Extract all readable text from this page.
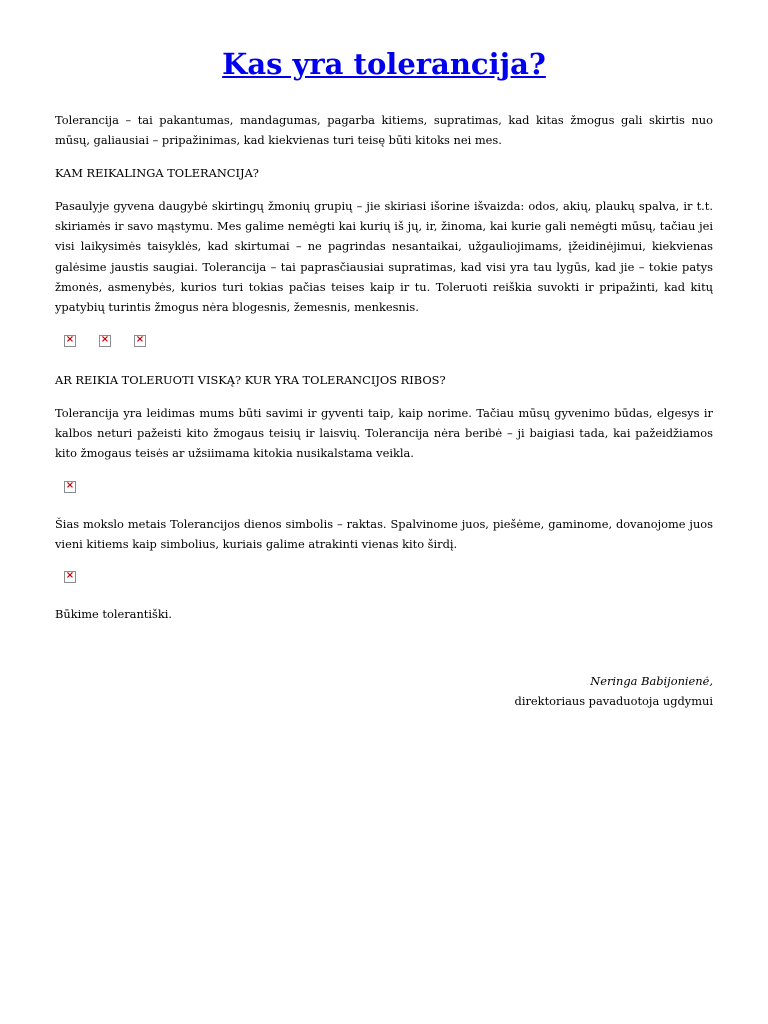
Kas yra tolerancija?

Tolerancija – tai pakantumas, mandagumas, pagarba kitiems, supratimas, kad kitas žmogus gali skirtis nuo mūsų, galiausiai – pripažinimas, kad kiekvienas turi teisę būti kitoks nei mes.

KAM REIKALINGA TOLERANCIJA?

Pasaulyje gyvena daugybė skirtingų žmonių grupių – jie skiriasi išorine išvaizda: odos, akių, plaukų spalva, ir t.t. skiriamės ir savo mąstymu. Mes galime nemėgti kai kurių iš jų, ir, žinoma, kai kurie gali nemėgti mūsų, tačiau jei visi laikysimės taisyklės, kad skirtumai – ne pagrindas nesantaikai, užgauliojimams, įžeidinėjimui, kiekvienas galėsime jaustis saugiai. Tolerancija – tai paprasčiausiai supratimas, kad visi yra tau lygūs, kad jie – tokie patys žmonės, asmenybės, kurios turi tokias pačias teises kaip ir tu. Toleruoti reiškia suvokti ir pripažinti, kad kitų ypatybių turintis žmogus nėra blogesnis, žemesnis, menkesnis.

×	×	×

AR REIKIA TOLERUOTI VISKĄ? KUR YRA TOLERANCIJOS RIBOS?

Tolerancija yra leidimas mums būti savimi ir gyventi taip, kaip norime. Tačiau mūsų gyvenimo būdas, elgesys ir kalbos neturi pažeisti kito žmogaus teisių ir laisvių. Tolerancija nėra beribė – ji baigiasi tada, kai pažeidžiamos kito žmogaus teisės ar užsiimama kitokia nusikalstama veikla.

×

Šias mokslo metais Tolerancijos dienos simbolis – raktas. Spalvinome juos, piešėme, gaminome, dovanojome juos vieni kitiems kaip simbolius, kuriais galime atrakinti vienas kito širdį.

×

Būkime tolerantiški.

Neringa Babijonienė,

direktoriaus pavaduotoja ugdymui
